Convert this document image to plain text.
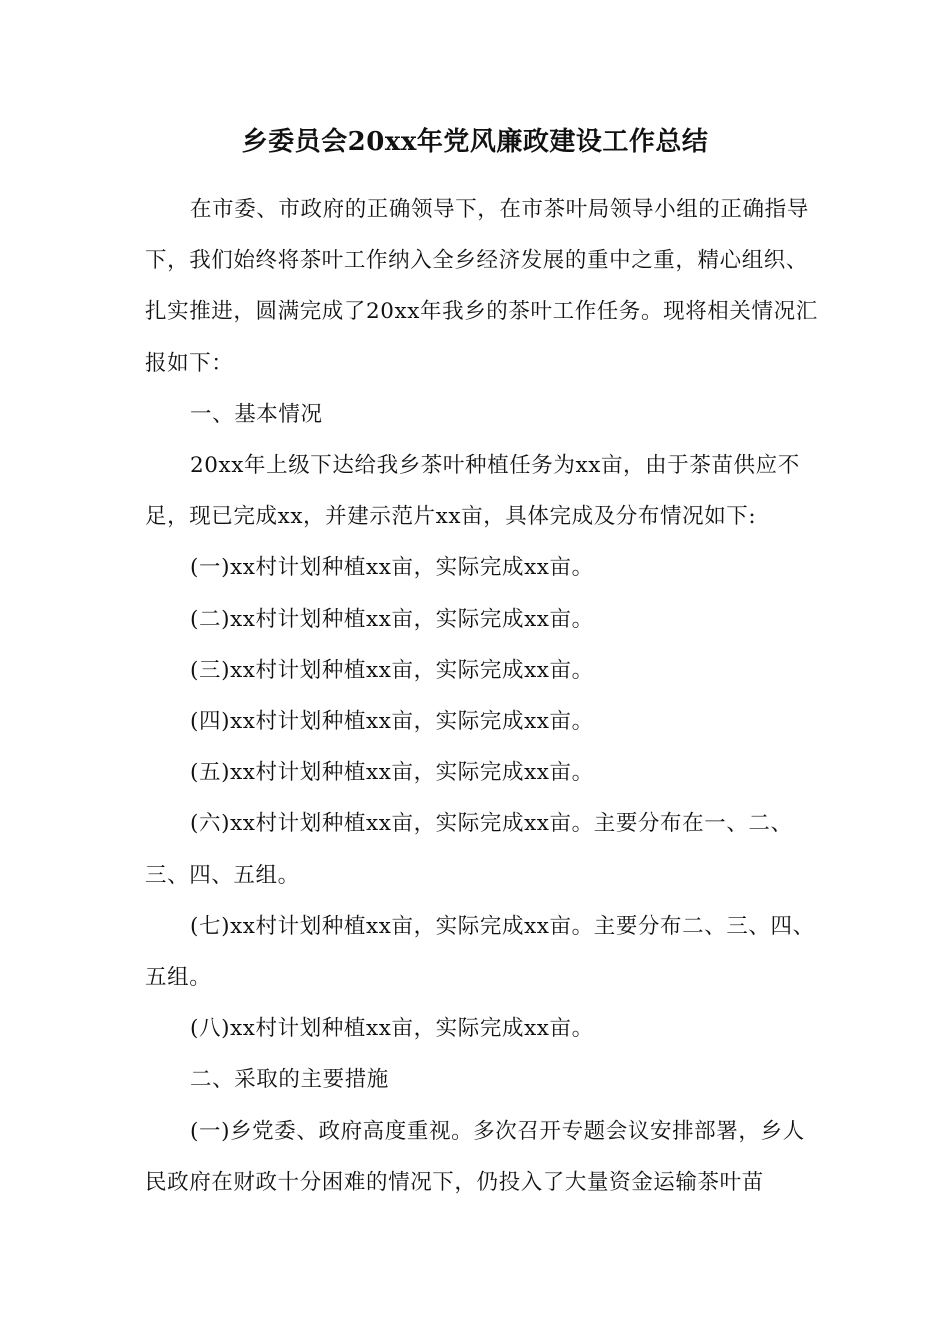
乡委员会20xx年党风廉政建设工作总结

在市委、市政府的正确领导下，在市茶叶局领导小组的正确指导下，我们始终将茶叶工作纳入全乡经济发展的重中之重，精心组织、扎实推进，圆满完成了20xx年我乡的茶叶工作任务。现将相关情况汇报如下：

一、基本情况

20xx年上级下达给我乡茶叶种植任务为xx亩，由于茶苗供应不足，现已完成xx，并建示范片xx亩，具体完成及分布情况如下:

(一)xx村计划种植xx亩，实际完成xx亩。

(二)xx村计划种植xx亩，实际完成xx亩。

(三)xx村计划种植xx亩，实际完成xx亩。

(四)xx村计划种植xx亩，实际完成xx亩。

(五)xx村计划种植xx亩，实际完成xx亩。

(六)xx村计划种植xx亩，实际完成xx亩。主要分布在一、二、三、四、五组。

(七)xx村计划种植xx亩，实际完成xx亩。主要分布二、三、四、五组。

(八)xx村计划种植xx亩，实际完成xx亩。

二、采取的主要措施

(一)乡党委、政府高度重视。多次召开专题会议安排部署，乡人民政府在财政十分困难的情况下，仍投入了大量资金运输茶叶苗
